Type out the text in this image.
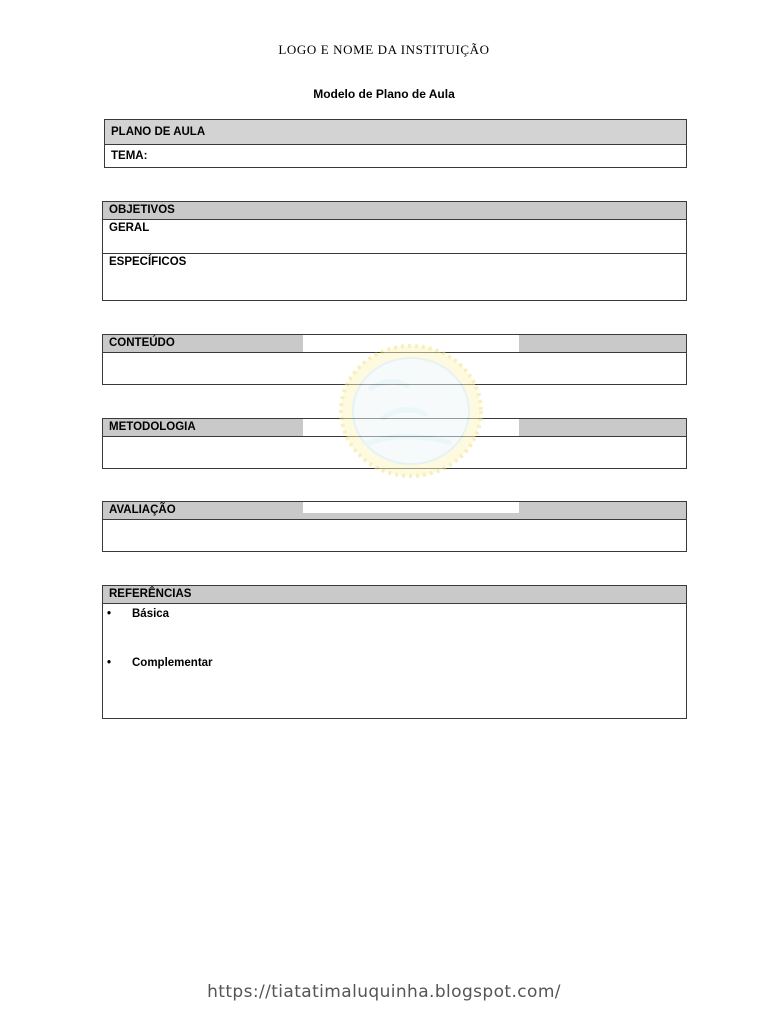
LOGO E NOME DA INSTITUIÇÃO
Modelo de Plano de Aula
PLANO DE AULA
TEMA:
OBJETIVOS
GERAL
ESPECÍFICOS
CONTEÚDO
METODOLOGIA
AVALIAÇÃO
REFERÊNCIAS
• Básica
• Complementar
https://tiatatimaluquinha.blogspot.com/
